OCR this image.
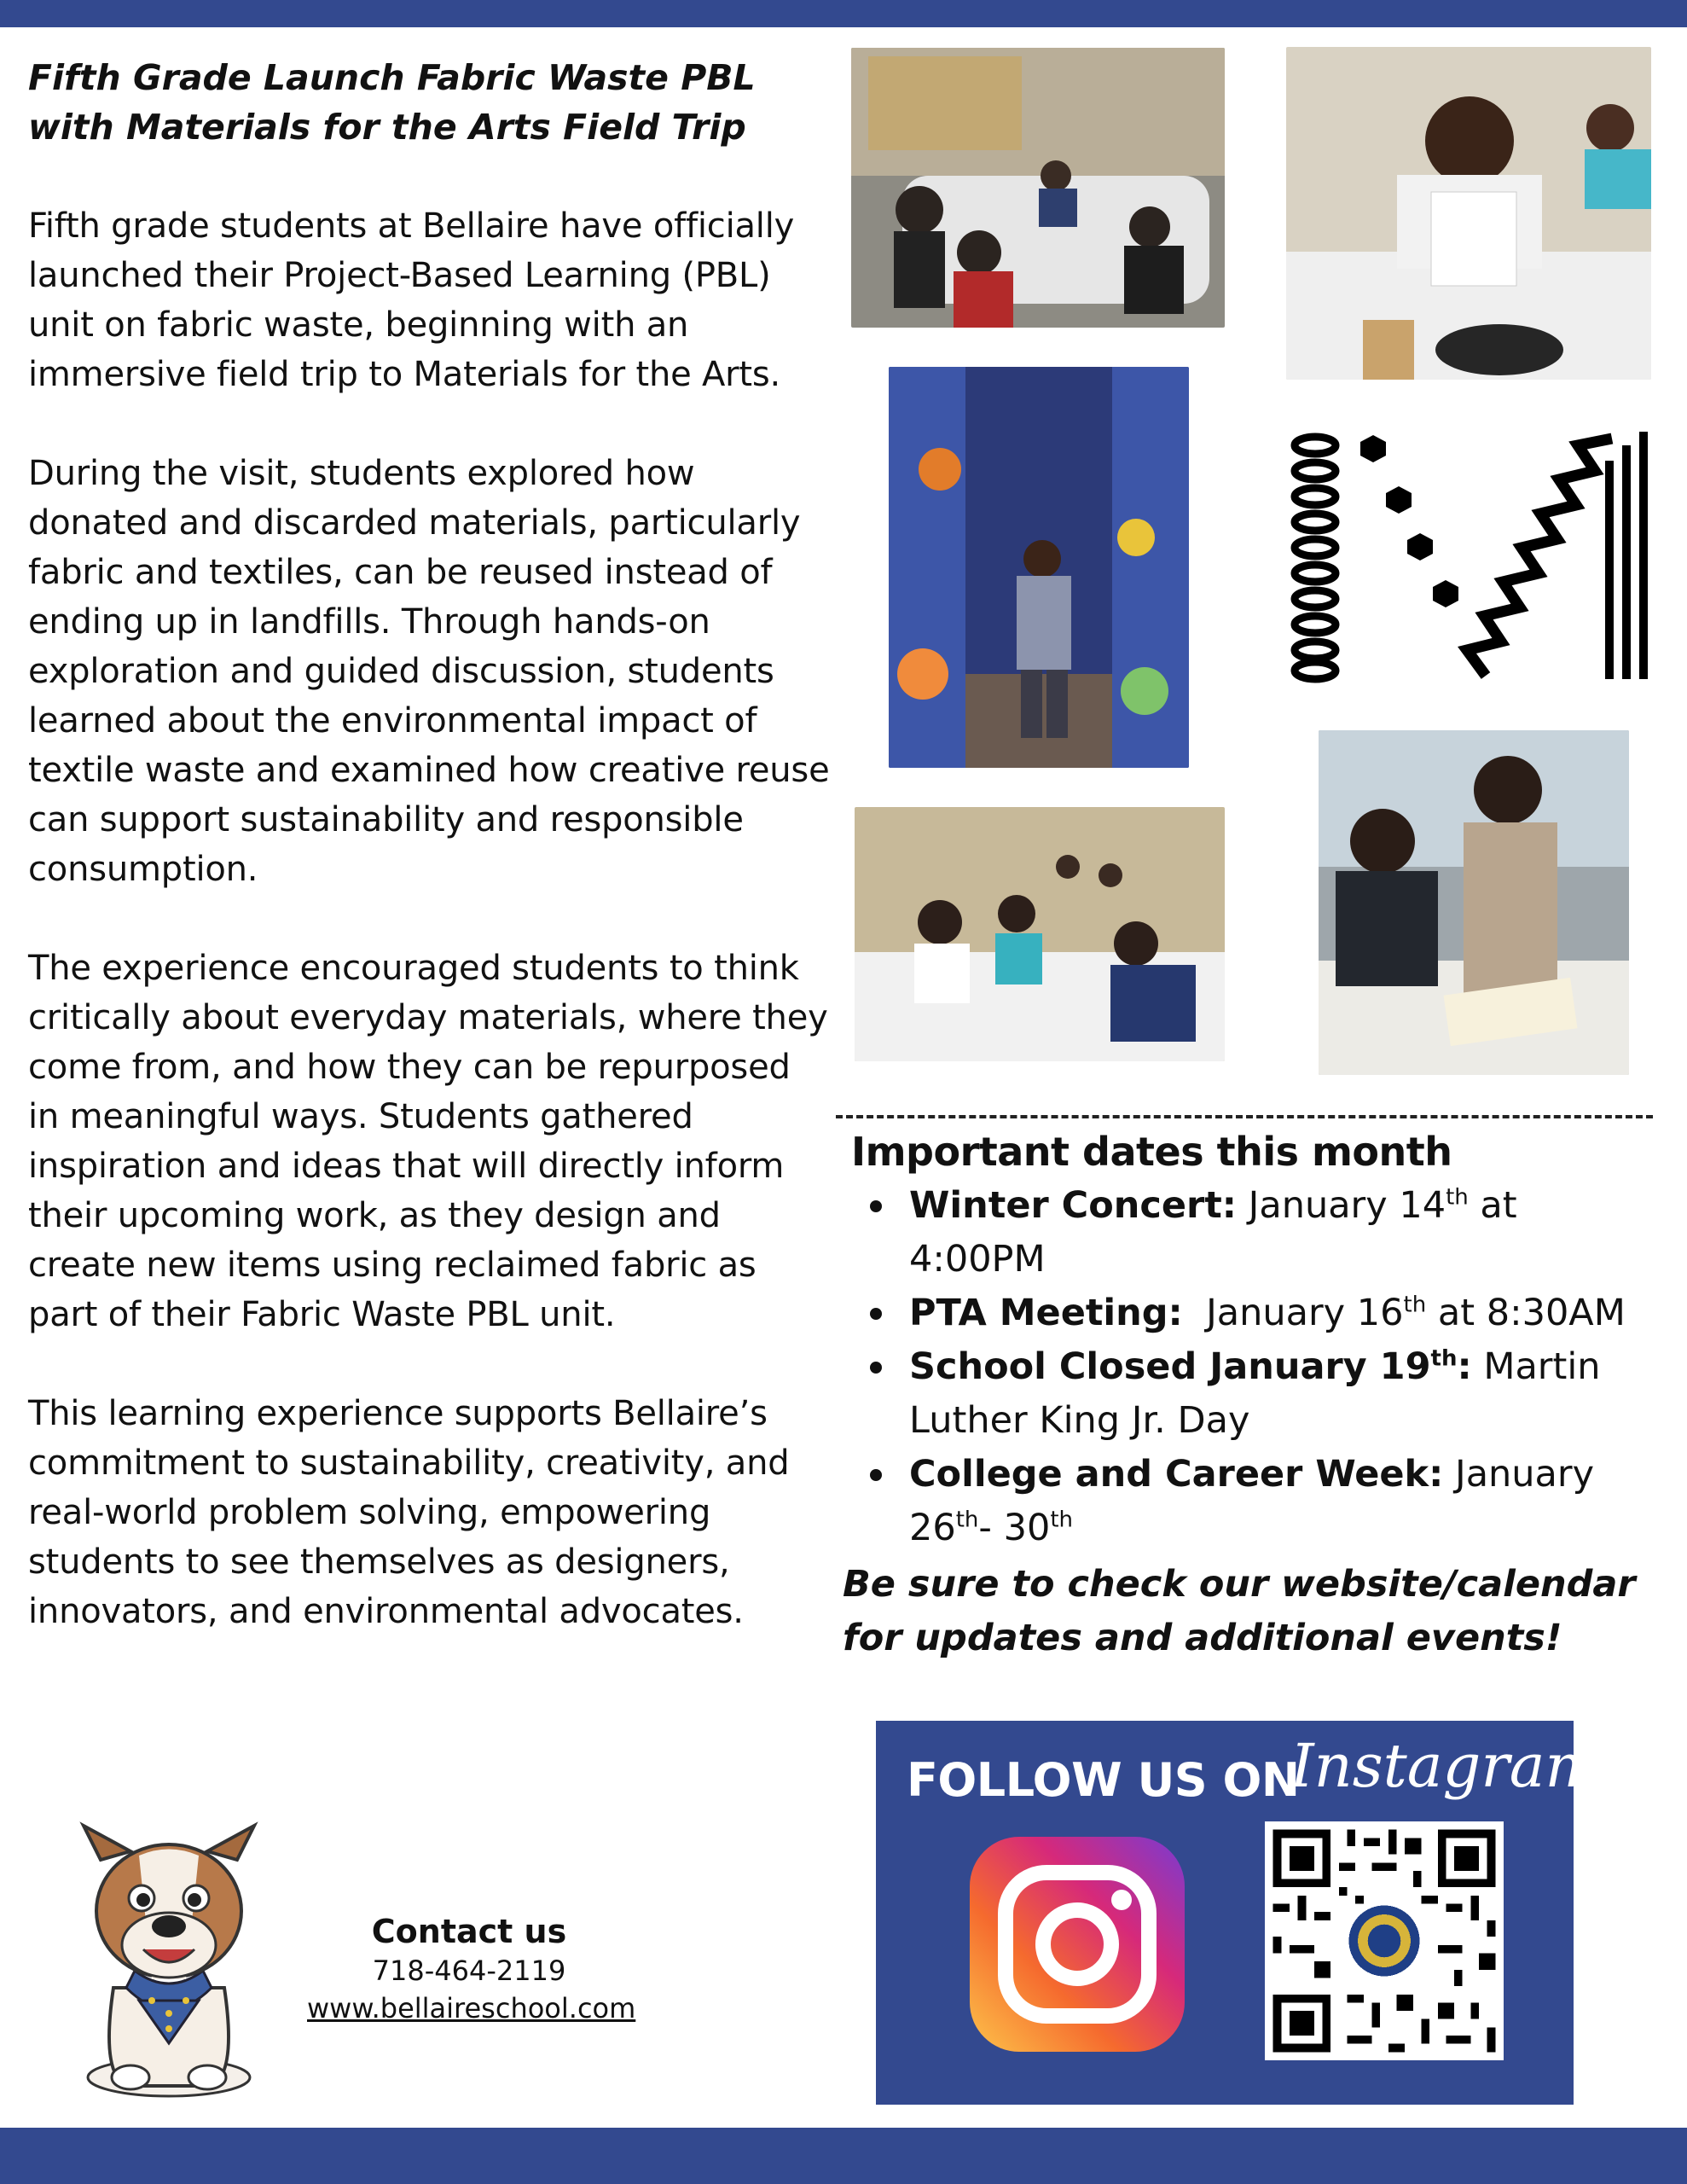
Fifth Grade Launch Fabric Waste PBL with Materials for the Arts Field Trip

Fifth grade students at Bellaire have officially launched their Project-Based Learning (PBL) unit on fabric waste, beginning with an immersive field trip to Materials for the Arts.

During the visit, students explored how donated and discarded materials, particularly fabric and textiles, can be reused instead of ending up in landfills. Through hands-on exploration and guided discussion, students learned about the environmental impact of textile waste and examined how creative reuse can support sustainability and responsible consumption.

The experience encouraged students to think critically about everyday materials, where they come from, and how they can be repurposed in meaningful ways. Students gathered inspiration and ideas that will directly inform their upcoming work, as they design and create new items using reclaimed fabric as part of their Fabric Waste PBL unit.

This learning experience supports Bellaire’s commitment to sustainability, creativity, and real-world problem solving, empowering students to see themselves as designers, innovators, and environmental advocates.

Important dates this month

Winter Concert: January 14th at 4:00PM
PTA Meeting:  January 16th at 8:30AM
School Closed January 19th: Martin Luther King Jr. Day
College and Career Week: January 26th- 30th

Be sure to check our website/calendar for updates and additional events!

FOLLOW US ON
Instagram

Contact us

718-464-2119

www.bellaireschool.com
